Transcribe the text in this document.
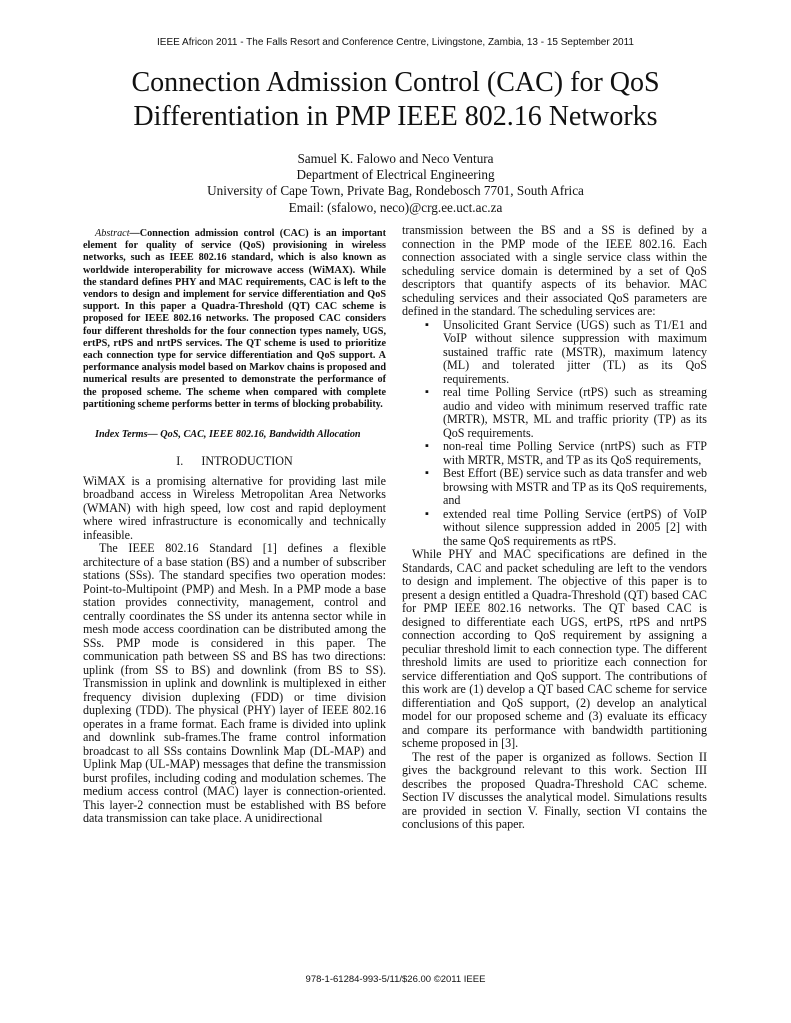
IEEE Africon 2011 - The Falls Resort and Conference Centre, Livingstone, Zambia, 13 - 15 September 2011
Connection Admission Control (CAC) for QoS
Differentiation in PMP IEEE 802.16 Networks
Samuel K. Falowo and Neco Ventura
Department of Electrical Engineering
University of Cape Town, Private Bag, Rondebosch 7701, South Africa
Email: (sfalowo, neco)@crg.ee.uct.ac.za

Abstract—Connection admission control (CAC) is an important element for quality of service (QoS) provisioning in wireless networks, such as IEEE 802.16 standard, which is also known as worldwide interoperability for microwave access (WiMAX). While the standard defines PHY and MAC requirements, CAC is left to the vendors to design and implement for service differentiation and QoS support. In this paper a Quadra-Threshold (QT) CAC scheme is proposed for IEEE 802.16 networks. The proposed CAC considers four different thresholds for the four connection types namely, UGS, ertPS, rtPS and nrtPS services. The QT scheme is used to prioritize each connection type for service differentiation and QoS support. A performance analysis model based on Markov chains is proposed and numerical results are presented to demonstrate the performance of the proposed scheme. The scheme when compared with complete partitioning scheme performs better in terms of blocking probability.

Index Terms— QoS, CAC, IEEE 802.16, Bandwidth Allocation

I. INTRODUCTION

WiMAX is a promising alternative for providing last mile broadband access in Wireless Metropolitan Area Networks (WMAN) with high speed, low cost and rapid deployment where wired infrastructure is economically and technically infeasible.

The IEEE 802.16 Standard [1] defines a flexible architecture of a base station (BS) and a number of subscriber stations (SSs). The standard specifies two operation modes: Point-to-Multipoint (PMP) and Mesh. In a PMP mode a base station provides connectivity, management, control and centrally coordinates the SS under its antenna sector while in mesh mode access coordination can be distributed among the SSs. PMP mode is considered in this paper. The communication path between SS and BS has two directions: uplink (from SS to BS) and downlink (from BS to SS). Transmission in uplink and downlink is multiplexed in either frequency division duplexing (FDD) or time division duplexing (TDD). The physical (PHY) layer of IEEE 802.16 operates in a frame format. Each frame is divided into uplink and downlink sub-frames.The frame control information broadcast to all SSs contains Downlink Map (DL-MAP) and Uplink Map (UL-MAP) messages that define the transmission burst profiles, including coding and modulation schemes. The medium access control (MAC) layer is connection-oriented. This layer-2 connection must be established with BS before data transmission can take place. A unidirectional

transmission between the BS and a SS is defined by a connection in the PMP mode of the IEEE 802.16. Each connection associated with a single service class within the scheduling service domain is determined by a set of QoS descriptors that quantify aspects of its behavior. MAC scheduling services and their associated QoS parameters are defined in the standard. The scheduling services are:

▪ Unsolicited Grant Service (UGS) such as T1/E1 and VoIP without silence suppression with maximum sustained traffic rate (MSTR), maximum latency (ML) and tolerated jitter (TL) as its QoS requirements.
▪ real time Polling Service (rtPS) such as streaming audio and video with minimum reserved traffic rate (MRTR), MSTR, ML and traffic priority (TP) as its QoS requirements.
▪ non-real time Polling Service (nrtPS) such as FTP with MRTR, MSTR, and TP as its QoS requirements,
▪ Best Effort (BE) service such as data transfer and web browsing with MSTR and TP as its QoS requirements, and
▪ extended real time Polling Service (ertPS) of VoIP without silence suppression added in 2005 [2] with the same QoS requirements as rtPS.

While PHY and MAC specifications are defined in the Standards, CAC and packet scheduling are left to the vendors to design and implement. The objective of this paper is to present a design entitled a Quadra-Threshold (QT) based CAC for PMP IEEE 802.16 networks. The QT based CAC is designed to differentiate each UGS, ertPS, rtPS and nrtPS connection according to QoS requirement by assigning a peculiar threshold limit to each connection type. The different threshold limits are used to prioritize each connection for service differentiation and QoS support. The contributions of this work are (1) develop a QT based CAC scheme for service differentiation and QoS support, (2) develop an analytical model for our proposed scheme and (3) evaluate its efficacy and compare its performance with bandwidth partitioning scheme proposed in [3].

The rest of the paper is organized as follows. Section II gives the background relevant to this work. Section III describes the proposed Quadra-Threshold CAC scheme. Section IV discusses the analytical model. Simulations results are provided in section V. Finally, section VI contains the conclusions of this paper.

978-1-61284-993-5/11/$26.00 ©2011 IEEE
